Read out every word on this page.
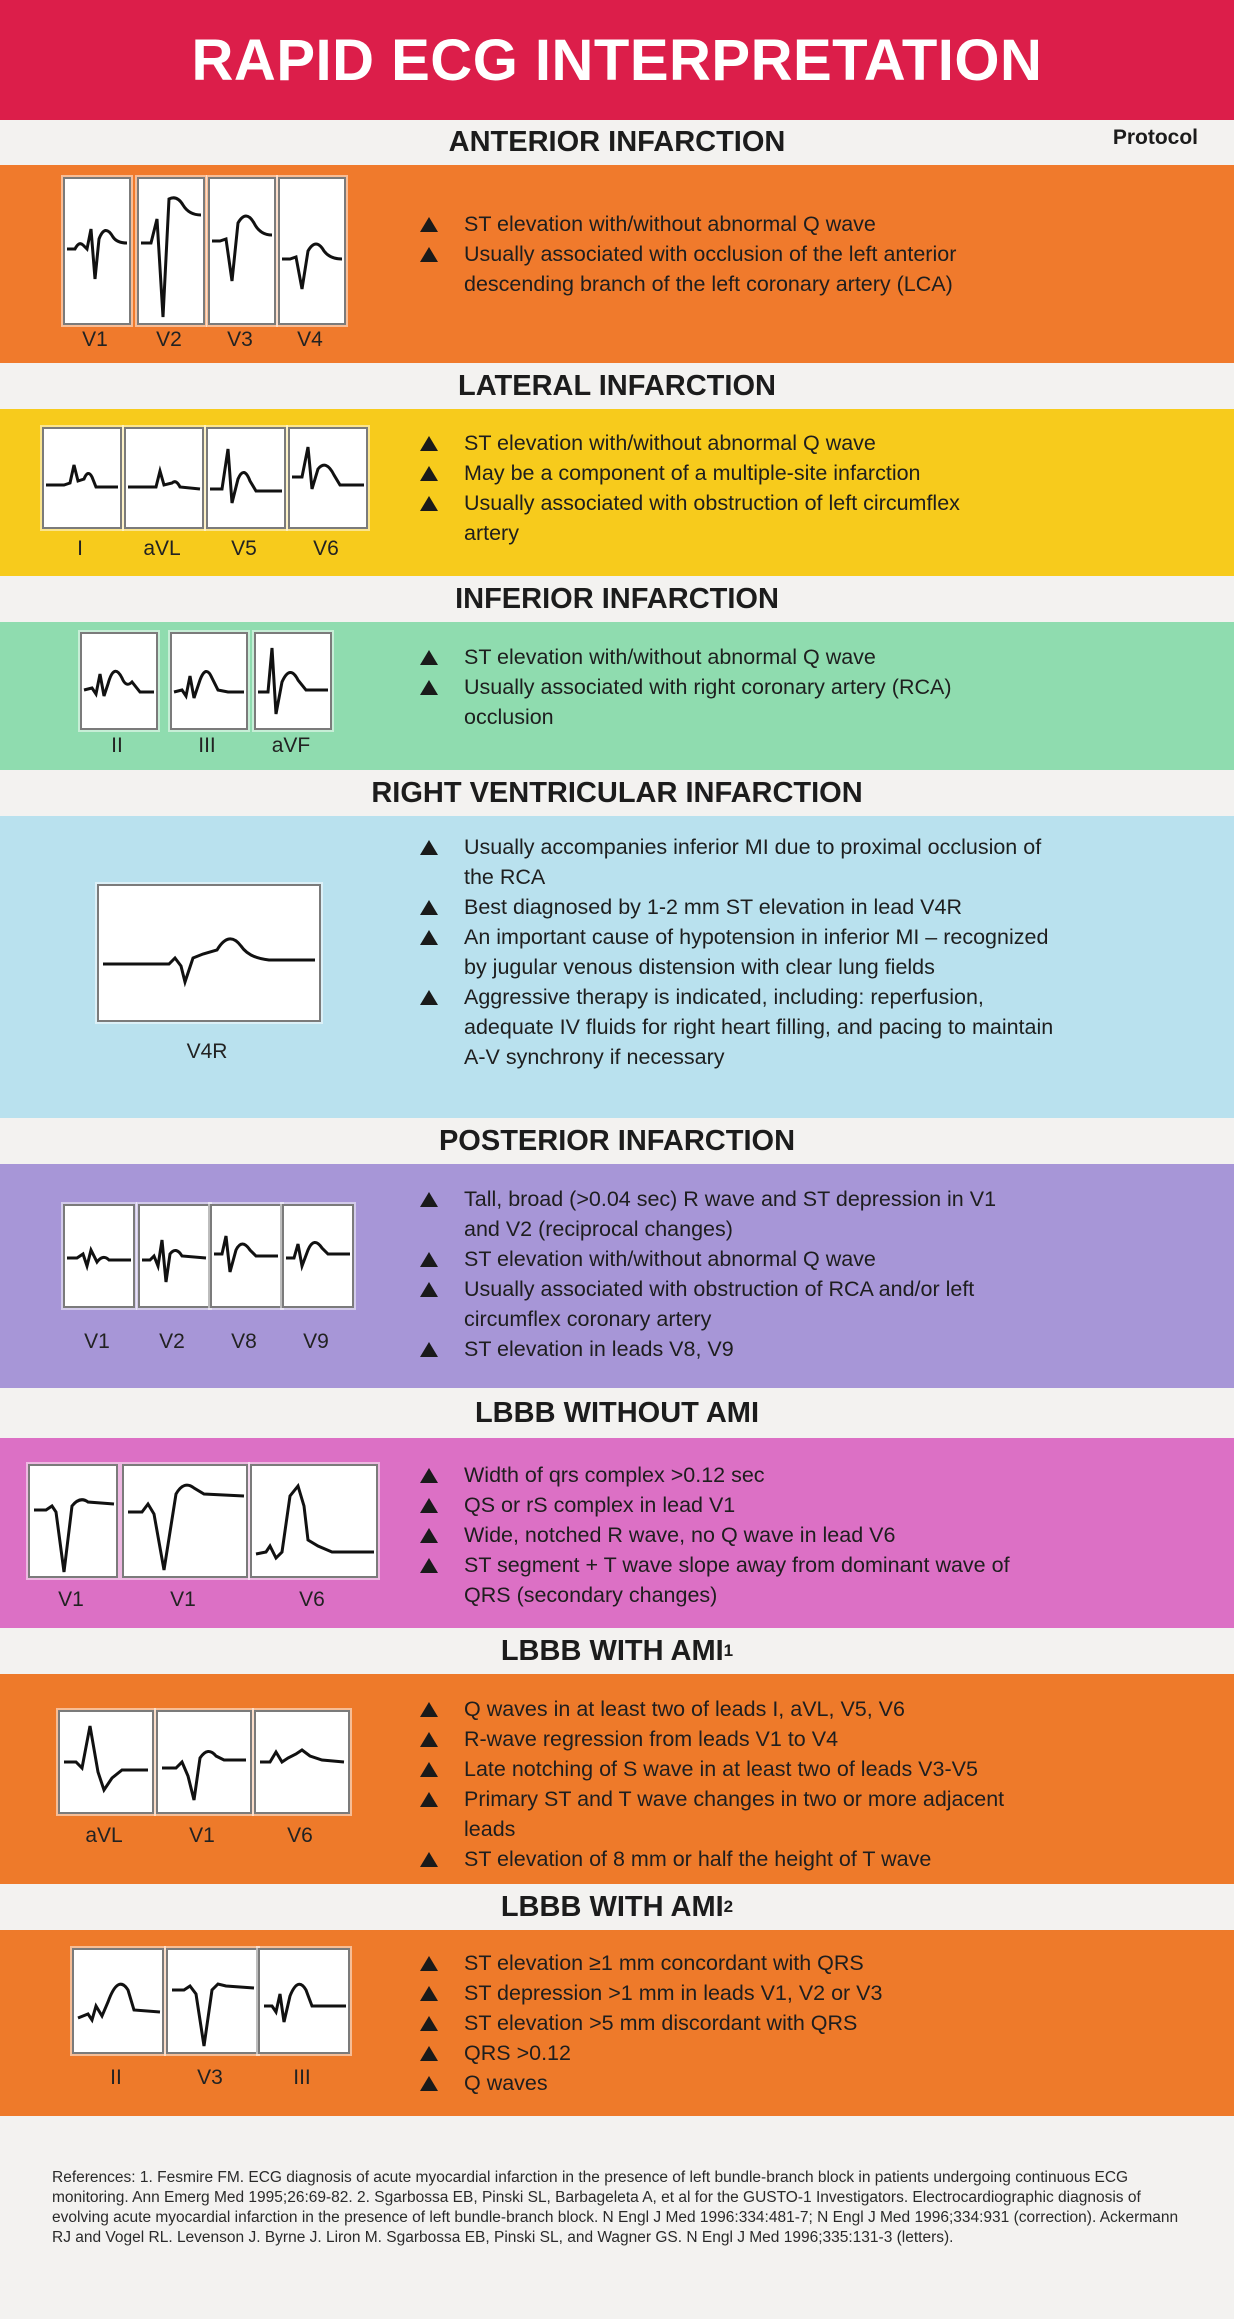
RAPID ECG INTERPRETATION
ANTERIOR INFARCTION	Protocol
V1	V2	V3	V4
ST elevation with/without abnormal Q wave
Usually associated with occlusion of the left anterior descending branch of the left coronary artery (LCA)
LATERAL INFARCTION
I	aVL	V5	V6
ST elevation with/without abnormal Q wave
May be a component of a multiple-site infarction
Usually associated with obstruction of left circumflex artery
INFERIOR INFARCTION
II	III	aVF
ST elevation with/without abnormal Q wave
Usually associated with right coronary artery (RCA) occlusion
RIGHT VENTRICULAR INFARCTION
V4R
Usually accompanies inferior MI due to proximal occlusion of the RCA
Best diagnosed by 1-2 mm ST elevation in lead V4R
An important cause of hypotension in inferior MI – recognized by jugular venous distension with clear lung fields
Aggressive therapy is indicated, including: reperfusion, adequate IV fluids for right heart filling, and pacing to maintain A-V synchrony if necessary
POSTERIOR INFARCTION
V1	V2	V8	V9
Tall, broad (>0.04 sec) R wave and ST depression in V1 and V2 (reciprocal changes)
ST elevation with/without abnormal Q wave
Usually associated with obstruction of RCA and/or left circumflex coronary artery
ST elevation in leads V8, V9
LBBB WITHOUT AMI
V1	V1	V6
Width of qrs complex >0.12 sec
QS or rS complex in lead V1
Wide, notched R wave, no Q wave in lead V6
ST segment + T wave slope away from dominant wave of QRS (secondary changes)
LBBB WITH AMI 1
aVL	V1	V6
Q waves in at least two of leads I, aVL, V5, V6
R-wave regression from leads V1 to V4
Late notching of S wave in at least two of leads V3-V5
Primary ST and T wave changes in two or more adjacent leads
ST elevation of 8 mm or half the height of T wave
LBBB WITH AMI 2
II	V3	III
ST elevation ≥1 mm concordant with QRS
ST depression >1 mm in leads V1, V2 or V3
ST elevation >5 mm discordant with QRS
QRS >0.12
Q waves
References: 1. Fesmire FM. ECG diagnosis of acute myocardial infarction in the presence of left bundle-branch block in patients undergoing continuous ECG monitoring. Ann Emerg Med 1995;26:69-82. 2. Sgarbossa EB, Pinski SL, Barbageleta A, et al for the GUSTO-1 Investigators. Electrocardiographic diagnosis of evolving acute myocardial infarction in the presence of left bundle-branch block. N Engl J Med 1996:334:481-7; N Engl J Med 1996;334:931 (correction). Ackermann RJ and Vogel RL. Levenson J. Byrne J. Liron M. Sgarbossa EB, Pinski SL, and Wagner GS. N Engl J Med 1996;335:131-3 (letters).
